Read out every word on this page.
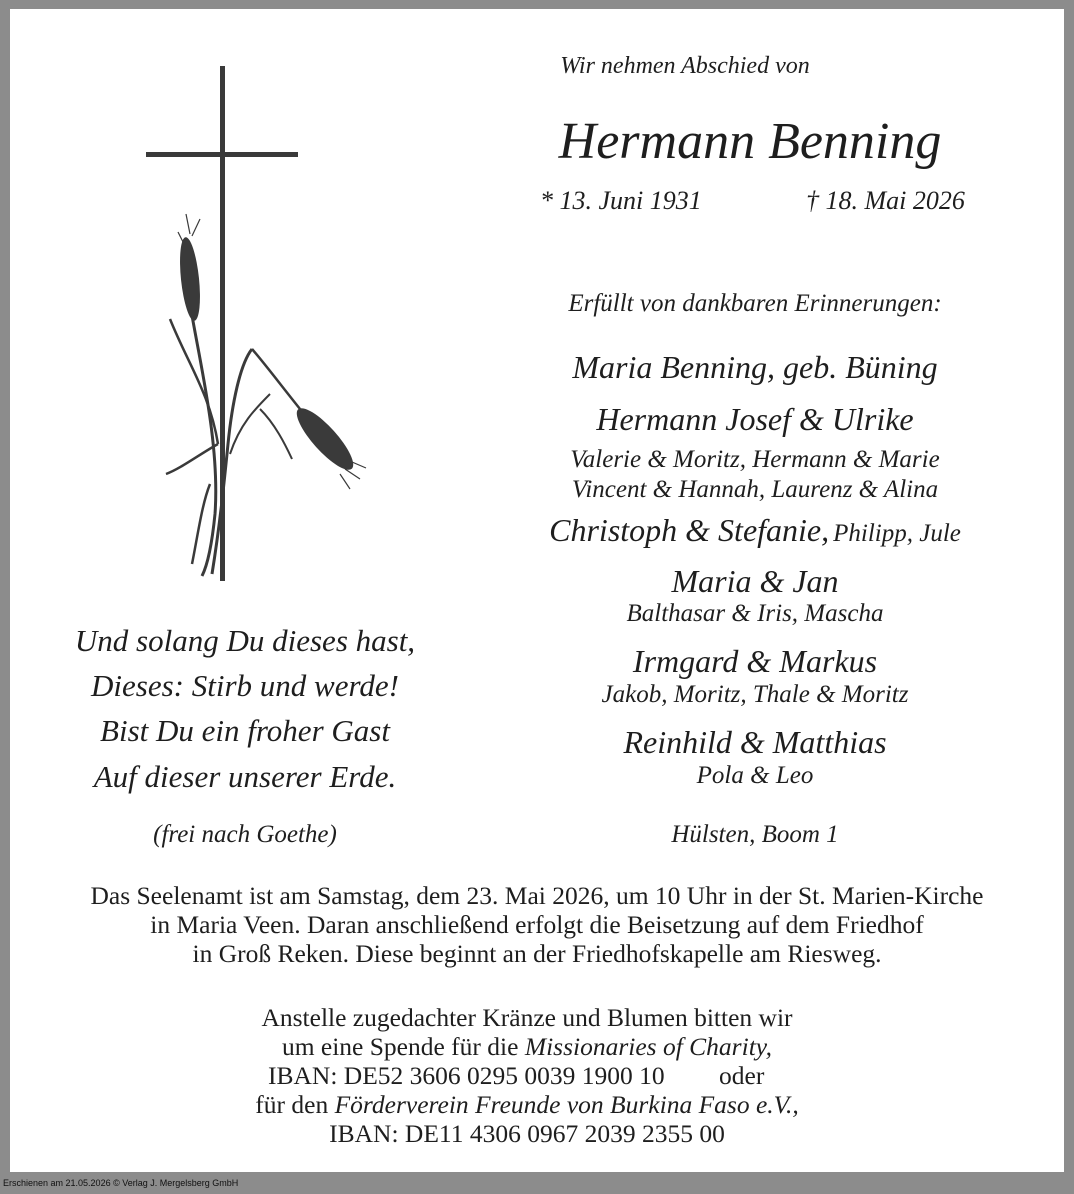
Wir nehmen Abschied von
Hermann Benning
* 13. Juni 1931	† 18. Mai 2026
Erfüllt von dankbaren Erinnerungen:
Maria Benning, geb. Büning
Hermann Josef & Ulrike
Valerie & Moritz, Hermann & Marie
Vincent & Hannah, Laurenz & Alina
Christoph & Stefanie, Philipp, Jule
Maria & Jan
Balthasar & Iris, Mascha
Irmgard & Markus
Jakob, Moritz, Thale & Moritz
Reinhild & Matthias
Pola & Leo
Hülsten, Boom 1
Und solang Du dieses hast,
Dieses: Stirb und werde!
Bist Du ein froher Gast
Auf dieser unserer Erde.
(frei nach Goethe)
Das Seelenamt ist am Samstag, dem 23. Mai 2026, um 10 Uhr in der St. Marien-Kirche
in Maria Veen. Daran anschließend erfolgt die Beisetzung auf dem Friedhof
in Groß Reken. Diese beginnt an der Friedhofskapelle am Riesweg.
Anstelle zugedachter Kränze und Blumen bitten wir
um eine Spende für die Missionaries of Charity,
IBAN: DE52 3606 0295 0039 1900 10 oder
für den Förderverein Freunde von Burkina Faso e.V.,
IBAN: DE11 4306 0967 2039 2355 00
Erschienen am 21.05.2026 © Verlag J. Mergelsberg GmbH
